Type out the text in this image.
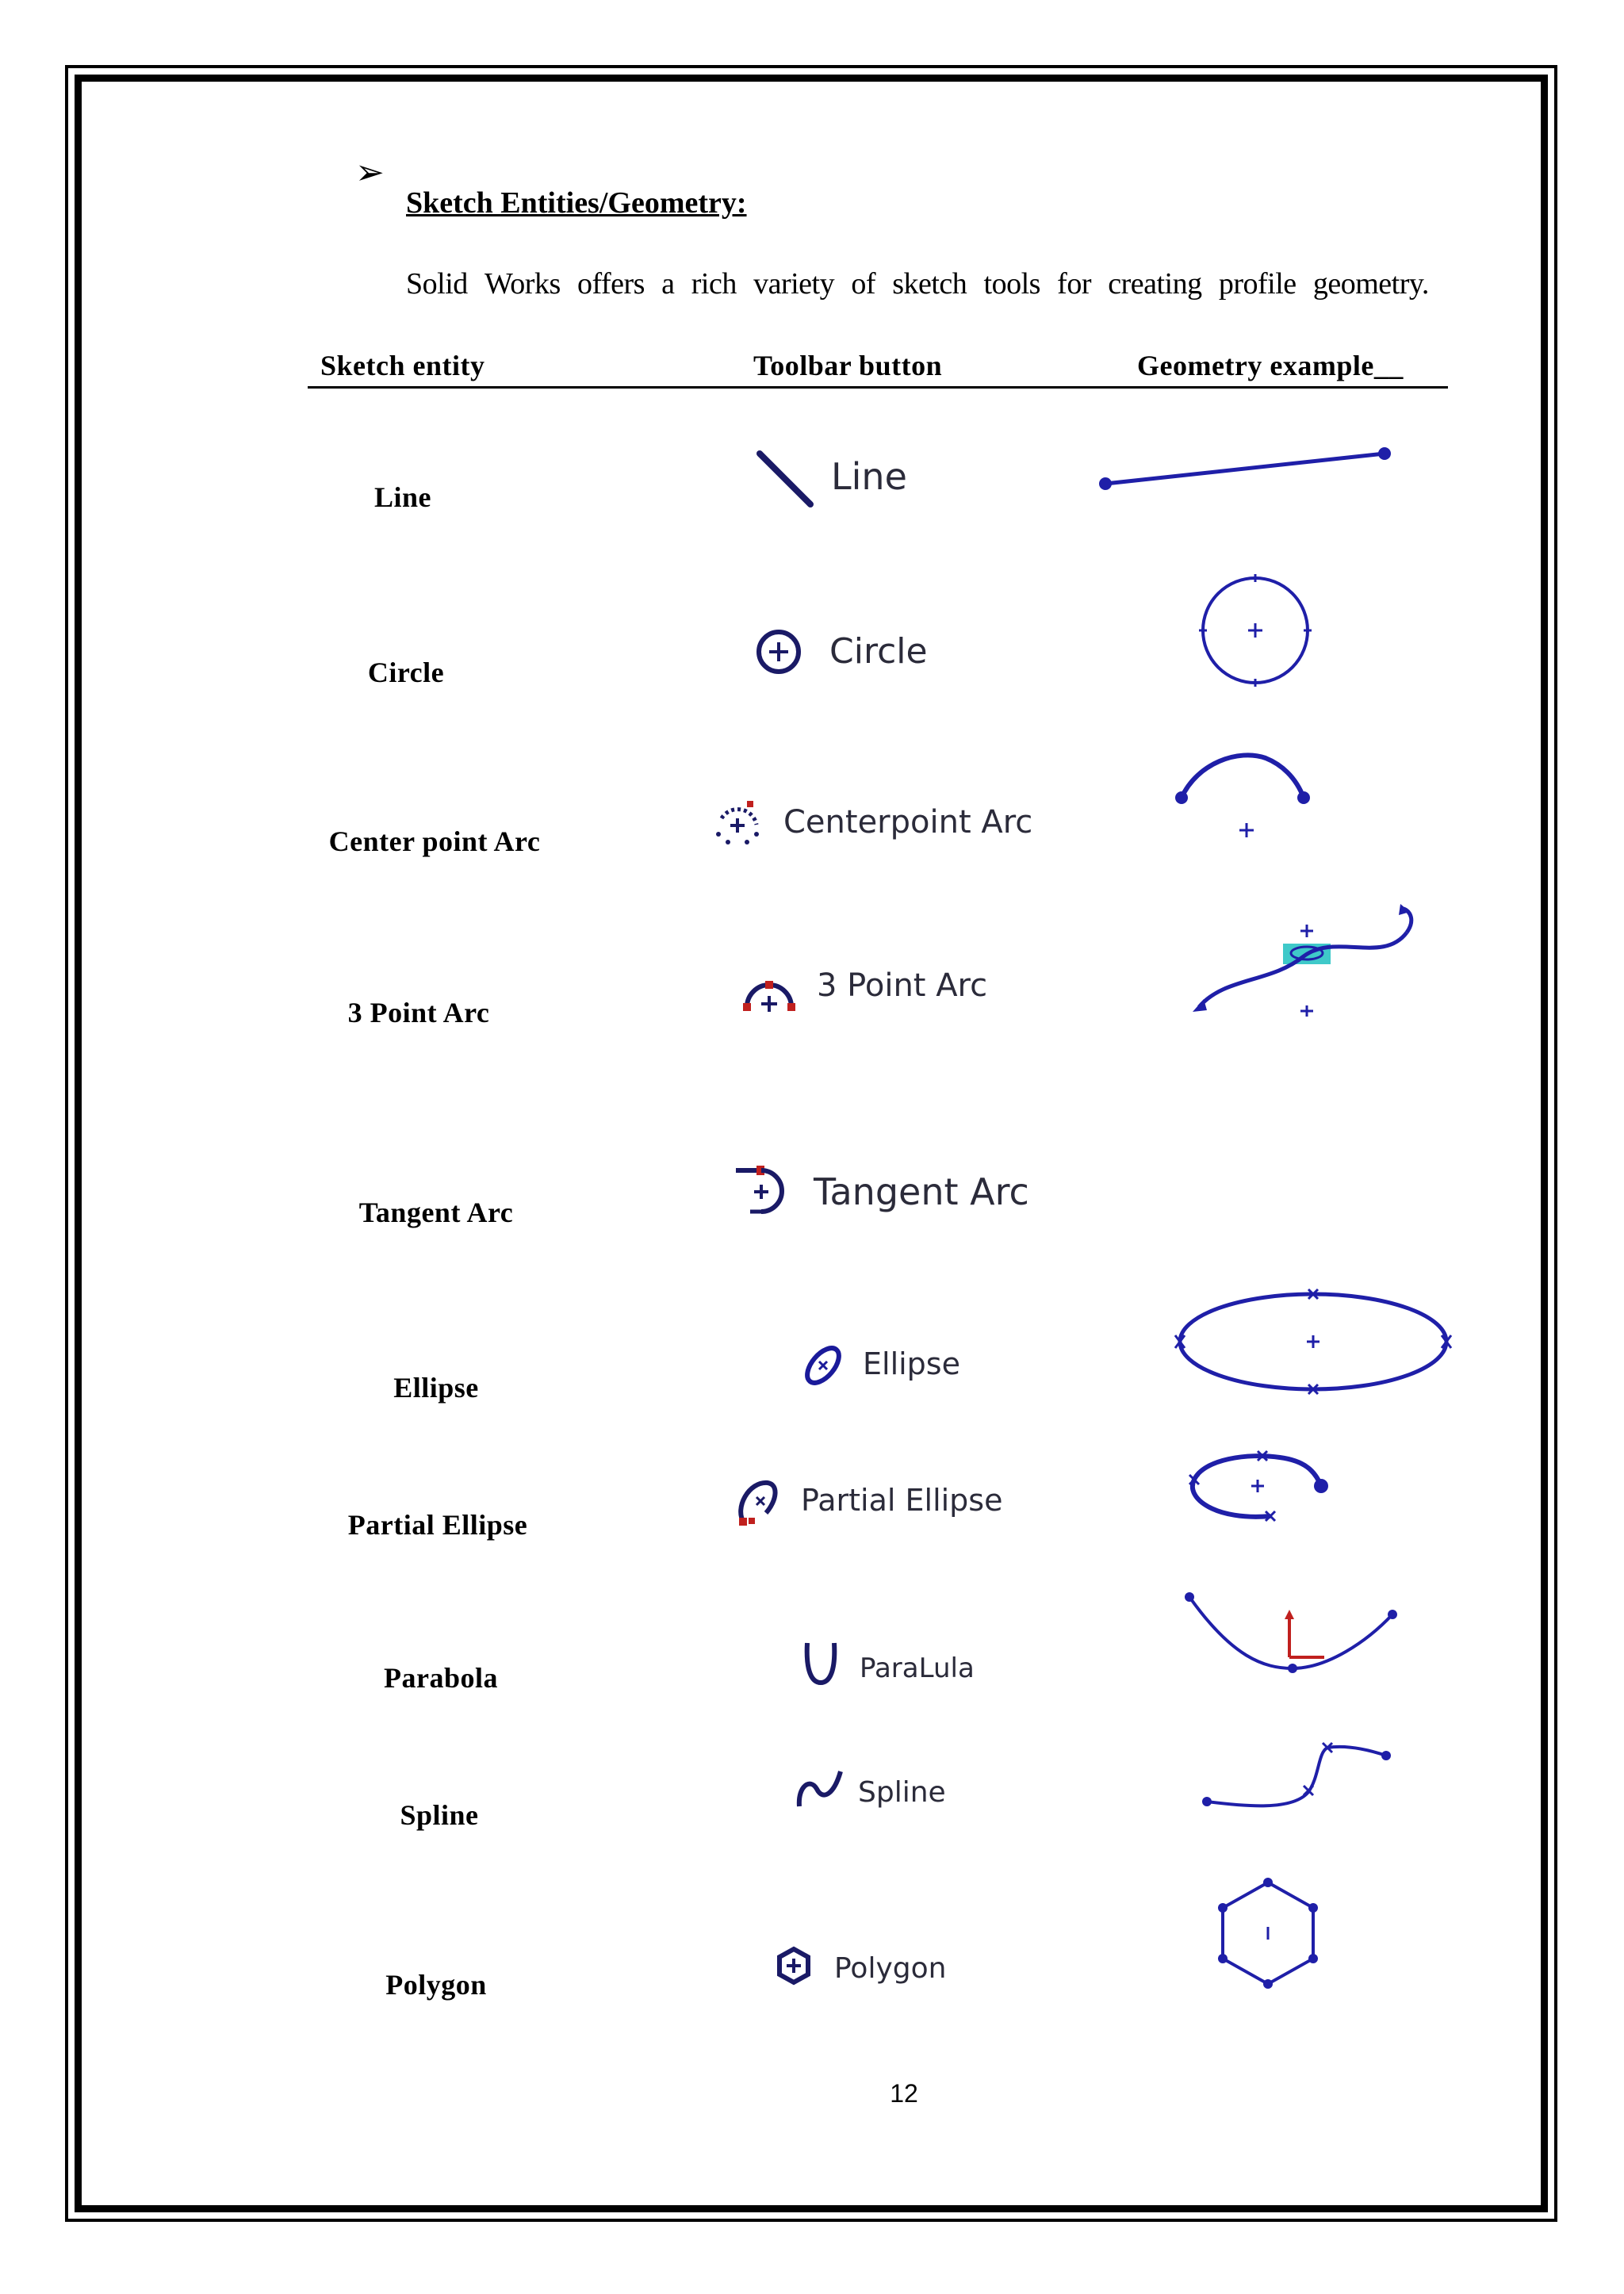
➢
Sketch Entities/Geometry:
Solid Works offers a rich variety of sketch tools for creating profile geometry.
Sketch entity	Toolbar button	Geometry example__
Line
Circle
Center point Arc
3 Point Arc
Tangent Arc
Ellipse
Partial Ellipse
Parabola
Spline
Polygon
Line
Circle
Centerpoint Arc
3 Point Arc
Tangent Arc
Ellipse
Partial Ellipse
ParaLula
Spline
Polygon
12
